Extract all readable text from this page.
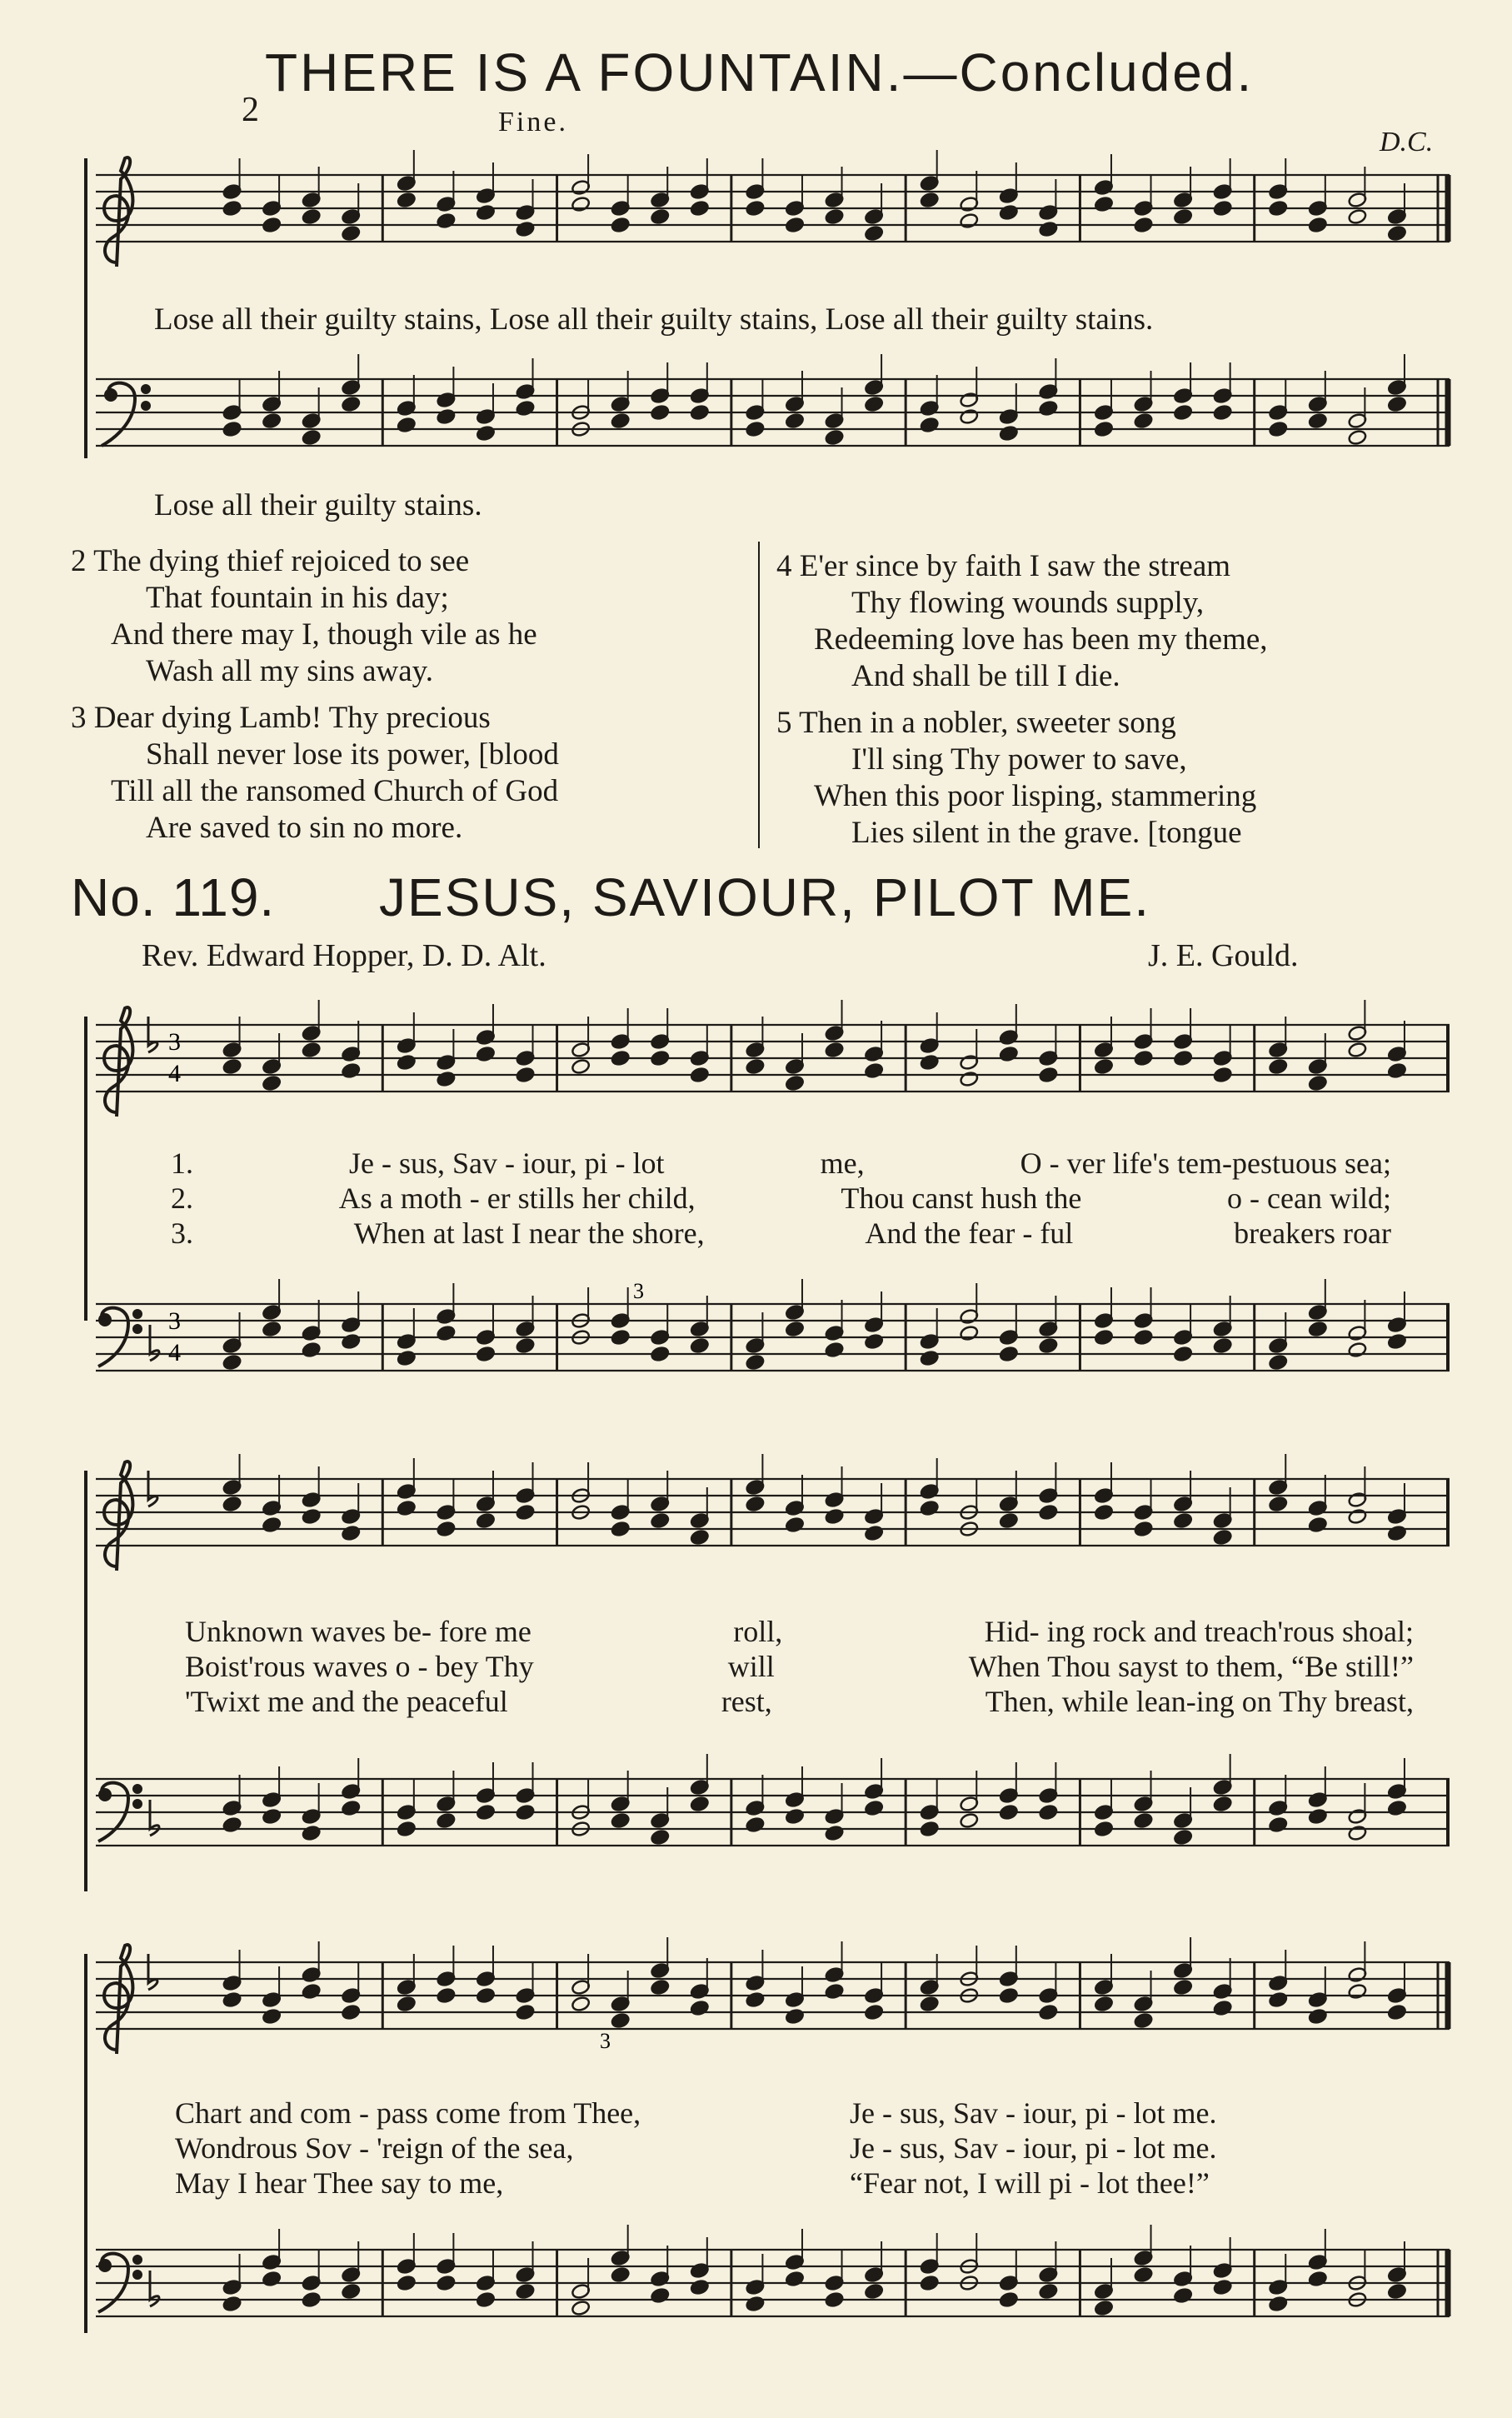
THERE IS A FOUNTAIN.—Concluded.
2	Fine.
D.C.
Lose all their guilty stains, Lose all their guilty stains, Lose all their guilty stains.
Lose all their guilty stains.
2 The dying thief rejoiced to see
That fountain in his day;
And there may I, though vile as he
Wash all my sins away.
3 Dear dying Lamb! Thy precious
Shall never lose its power, [blood
Till all the ransomed Church of God
Are saved to sin no more.
4 E'er since by faith I saw the stream
Thy flowing wounds supply,
Redeeming love has been my theme,
And shall be till I die.
5 Then in a nobler, sweeter song
I'll sing Thy power to save,
When this poor lisping, stammering
Lies silent in the grave. [tongue
No. 119. JESUS, SAVIOUR, PILOT ME.
Rev. Edward Hopper, D. D. Alt.	J. E. Gould.
3
4
1.	Je - sus, Sav - iour, pi - lot	me,	O - ver life's tem-pestuous sea;
2.	As a moth - er stills her child,	Thou canst hush the	o - cean wild;
3.	When at last I near the shore,	And the fear - ful	breakers roar
3
4
3
Unknown waves be- fore me	roll,	Hid- ing rock and treach'rous shoal;
Boist'rous waves o - bey Thy	will	When Thou sayst to them, “Be still!”
'Twixt me and the peaceful	rest,	Then, while lean-ing on Thy breast,
3
Chart and com - pass come from Thee,	Je - sus, Sav - iour, pi - lot me.
Wondrous Sov - 'reign of the sea,	Je - sus, Sav - iour, pi - lot me.
May I hear Thee say to me,	“Fear not, I will pi - lot thee!”
